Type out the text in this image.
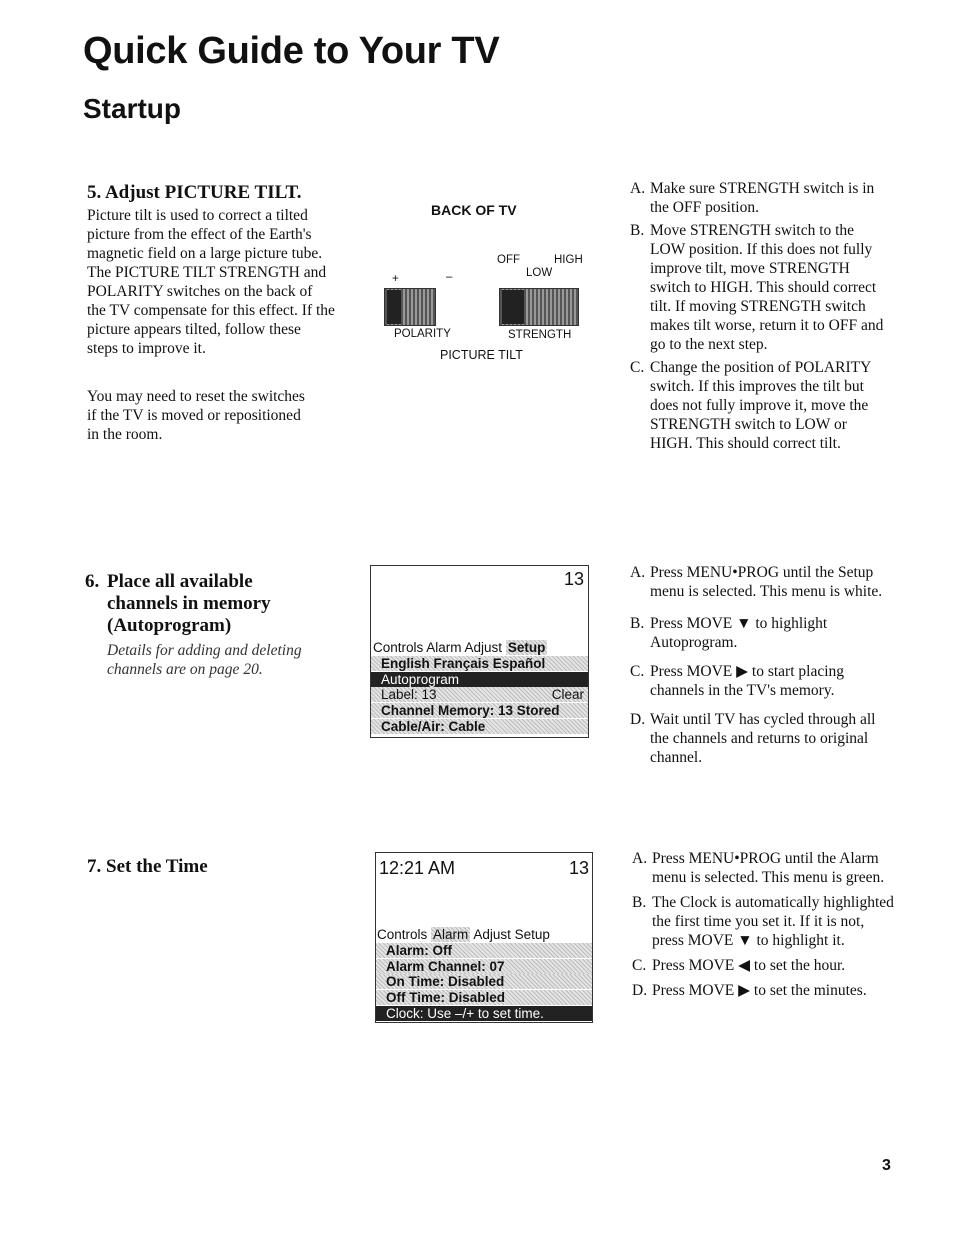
Quick Guide to Your TV
Startup
5. Adjust PICTURE TILT.
Picture tilt is used to correct a tilted picture from the effect of the Earth's magnetic field on a large picture tube. The PICTURE TILT STRENGTH and POLARITY switches on the back of the TV compensate for this effect. If the picture appears tilted, follow these steps to improve it.
You may need to reset the switches if the TV is moved or repositioned in the room.
BACK OF TV
OFF	HIGH
LOW
+	–
POLARITY	STRENGTH
PICTURE TILT
A. Make sure STRENGTH switch is in the OFF position.
B. Move STRENGTH switch to the LOW position. If this does not fully improve tilt, move STRENGTH switch to HIGH. This should correct tilt. If moving STRENGTH switch makes tilt worse, return it to OFF and go to the next step.
C. Change the position of POLARITY switch. If this improves the tilt but does not fully improve it, move the STRENGTH switch to LOW or HIGH. This should correct tilt.
6. Place all available channels in memory (Autoprogram)
Details for adding and deleting channels are on page 20.
13
Controls Alarm Adjust Setup
English Français Español
Autoprogram
Label: 13	Clear
Channel Memory: 13 Stored
Cable/Air: Cable
A. Press MENU•PROG until the Setup menu is selected. This menu is white.
B. Press MOVE ▼ to highlight Autoprogram.
C. Press MOVE ▶ to start placing channels in the TV's memory.
D. Wait until TV has cycled through all the channels and returns to original channel.
7. Set the Time	12:21 AM	13
Controls Alarm Adjust Setup
Alarm: Off
Alarm Channel: 07
On Time: Disabled
Off Time: Disabled
Clock: Use –/+ to set time.
A. Press MENU•PROG until the Alarm menu is selected. This menu is green.
B. The Clock is automatically highlighted the first time you set it. If it is not, press MOVE ▼ to highlight it.
C. Press MOVE ◀ to set the hour.
D. Press MOVE ▶ to set the minutes.
3
